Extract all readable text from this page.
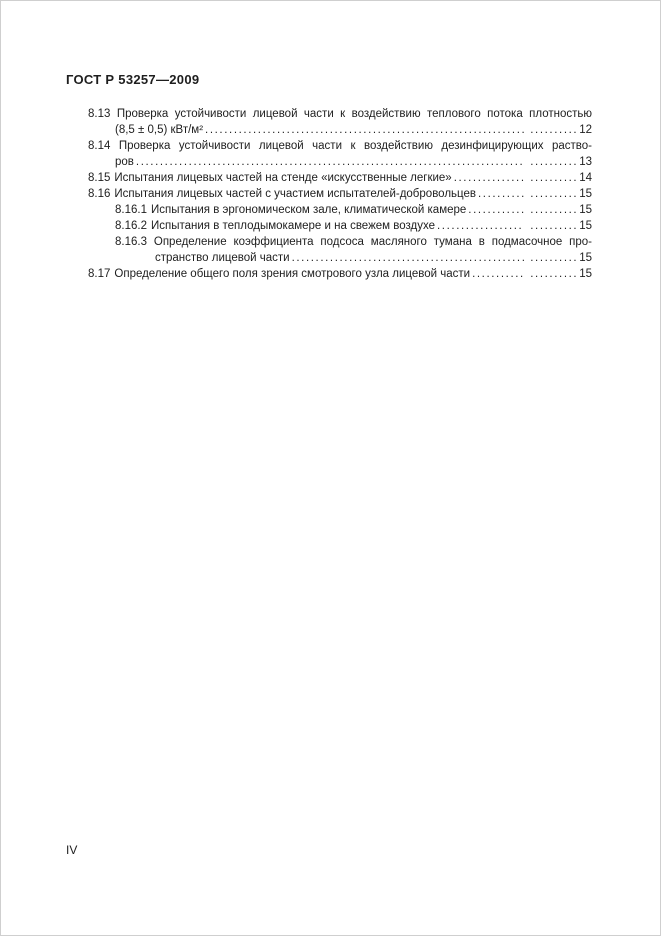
ГОСТ Р 53257—2009
8.13 Проверка устойчивости лицевой части к воздействию теплового потока плотностью
(8,5 ± 0,5) кВт/м² ..... .....	12
8.14 Проверка устойчивости лицевой части к воздействию дезинфицирующих раство-
ров ..... .....	13
8.15 Испытания лицевых частей на стенде «искусственные легкие» ..... .....	14
8.16 Испытания лицевых частей с участием испытателей-добровольцев ..... .....	15
8.16.1 Испытания в эргономическом зале, климатической камере ..... .....	15
8.16.2 Испытания в теплодымокамере и на свежем воздухе ..... .....	15
8.16.3 Определение коэффициента подсоса масляного тумана в подмасочное про-
странство лицевой части ..... .....	15
8.17 Определение общего поля зрения смотрового узла лицевой части ..... .....	15
IV
